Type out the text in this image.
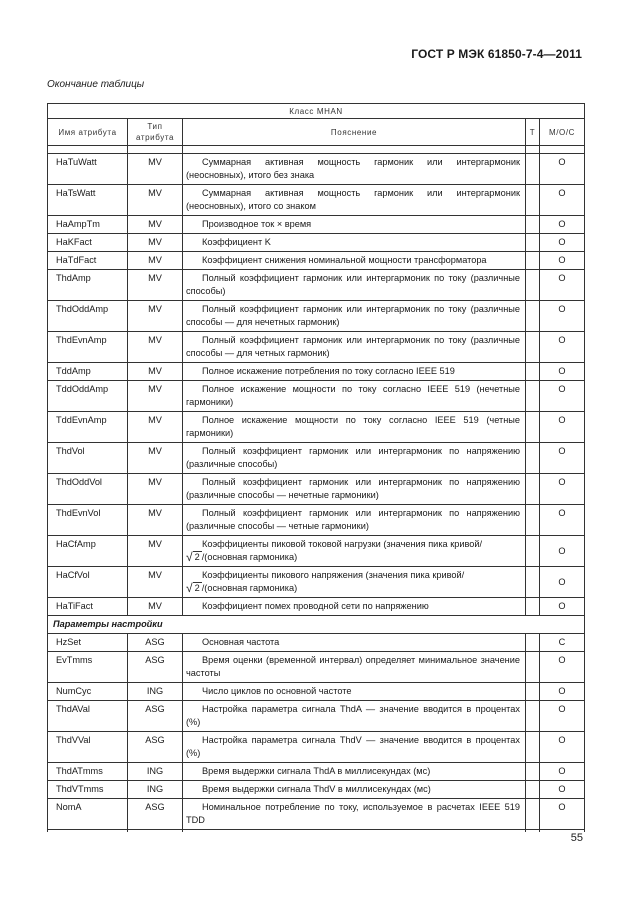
ГОСТ Р МЭК 61850-7-4—2011
Окончание таблицы
Класс MHAN				
Имя атрибута	Тип атрибута	Пояснение	T	M/O/C

HaTuWatt	MV	Суммарная активная мощность гармоник или интергармоник (неосновных), итого без знака		O
HaTsWatt	MV	Суммарная активная мощность гармоник или интергармоник (неосновных), итого со знаком		O
HaAmpTm	MV	Производное ток × время		O
HaKFact	MV	Коэффициент K		O
HaTdFact	MV	Коэффициент снижения номинальной мощности трансформатора		O
ThdAmp	MV	Полный коэффициент гармоник или интергармоник по току (различные способы)		O
ThdOddAmp	MV	Полный коэффициент гармоник или интергармоник по току (различные способы — для нечетных гармоник)		O
ThdEvnAmp	MV	Полный коэффициент гармоник или интергармоник по току (различные способы — для четных гармоник)		O
TddAmp	MV	Полное искажение потребления по току согласно IEEE 519		O
TddOddAmp	MV	Полное искажение мощности по току согласно IEEE 519 (нечетные гармоники)		O
TddEvnAmp	MV	Полное искажение мощности по току согласно IEEE 519 (четные гармоники)		O
ThdVol	MV	Полный коэффициент гармоник или интергармоник по напряжению (различные способы)		O
ThdOddVol	MV	Полный коэффициент гармоник или интергармоник по напряжению (различные способы — нечетные гармоники)		O
ThdEvnVol	MV	Полный коэффициент гармоник или интергармоник по напряжению (различные способы — четные гармоники)		O
HaCfAmp	MV	Коэффициенты пиковой токовой нагрузки (значения пика кривой/
√ 2 /(основная гармоника)		O
HaCfVol	MV	Коэффициенты пикового напряжения (значения пика кривой/
√ 2 /(основная гармоника)		O
HaTiFact	MV	Коэффициент помех проводной сети по напряжению		O
Параметры настройки				
HzSet	ASG	Основная частота		C
EvTmms	ASG	Время оценки (временной интервал) определяет минимальное значение частоты		O
NumCyc	ING	Число циклов по основной частоте		O
ThdAVal	ASG	Настройка параметра сигнала ThdA — значение вводится в процентах (%)		O
ThdVVal	ASG	Настройка параметра сигнала ThdV — значение вводится в процентах (%)		O
ThdATmms	ING	Время выдержки сигнала ThdA в миллисекундах (мс)		O
ThdVTmms	ING	Время выдержки сигнала ThdV в миллисекундах (мс)		O
NomA	ASG	Номинальное потребление по току, используемое в расчетах IEEE 519 TDD		O

55
